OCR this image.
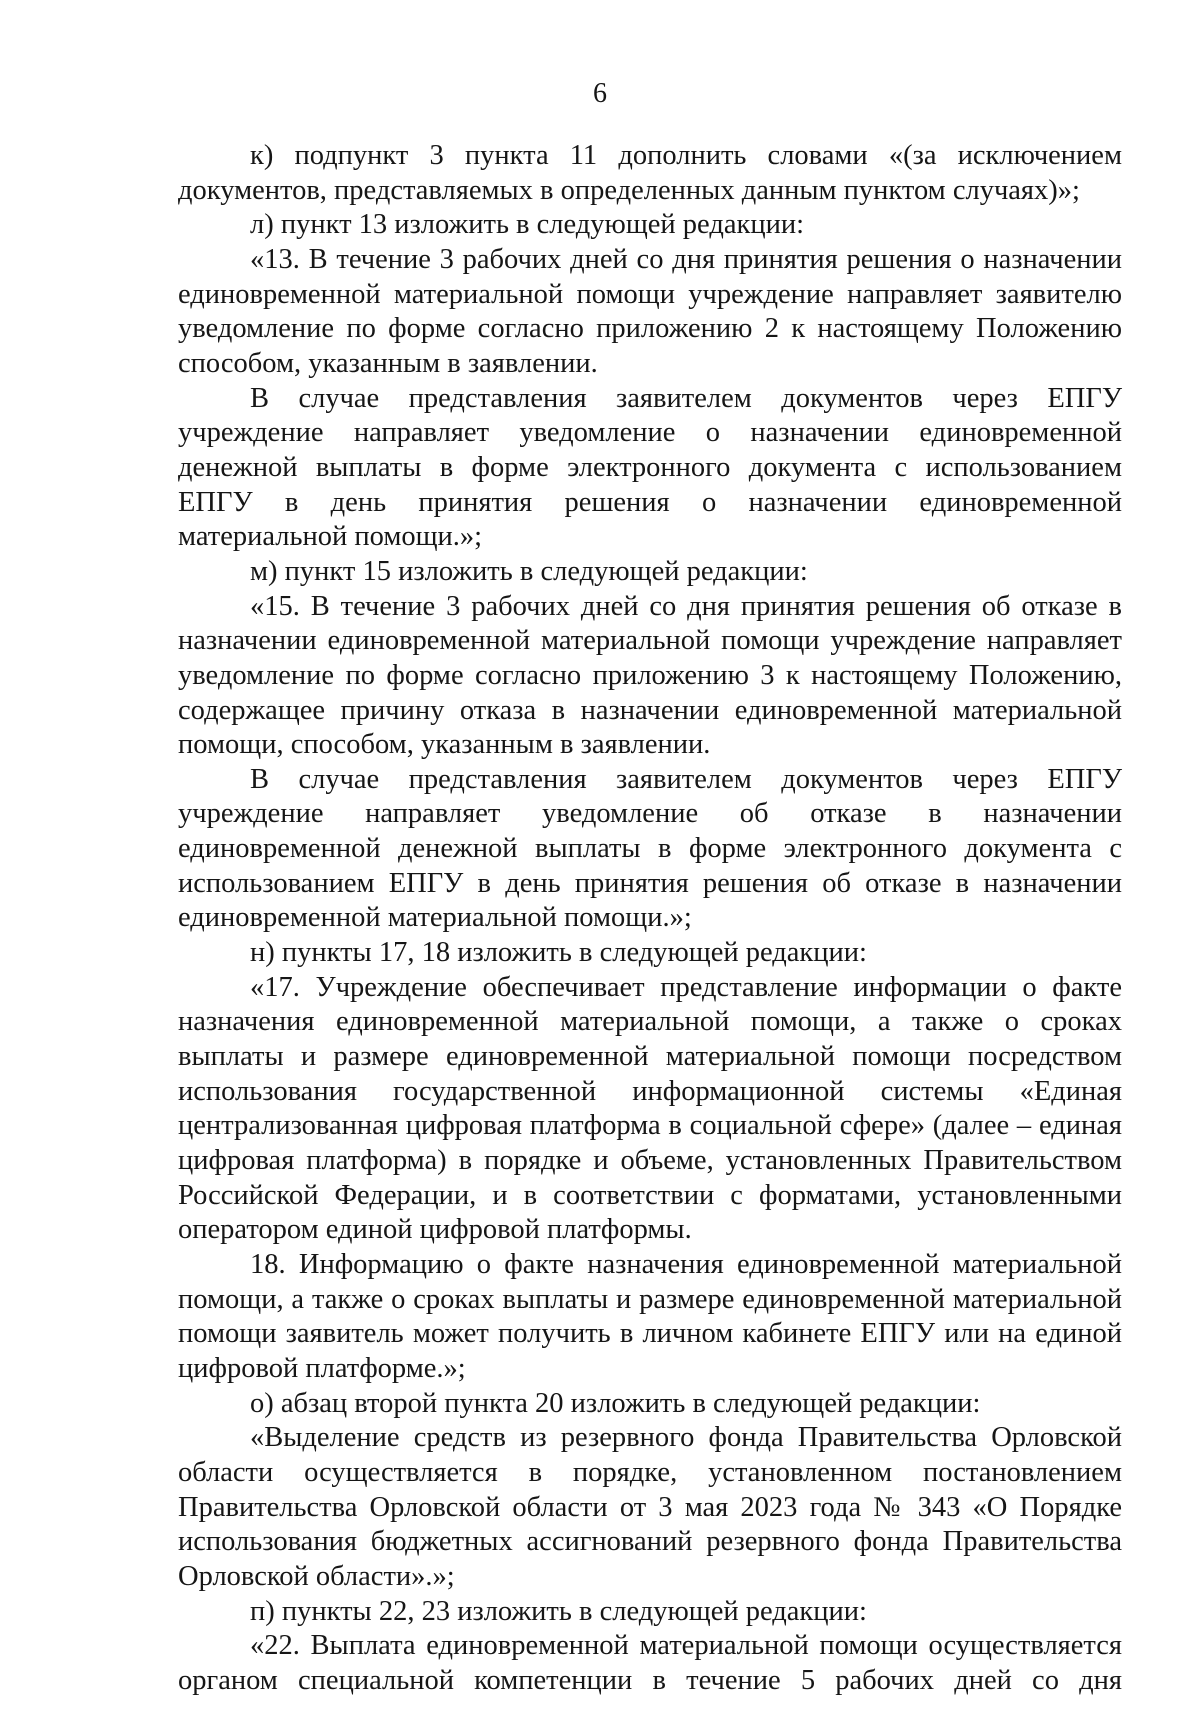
6

к) подпункт 3 пункта 11 дополнить словами «(за исключением документов, представляемых в определенных данным пунктом случаях)»;

л) пункт 13 изложить в следующей редакции:

«13. В течение 3 рабочих дней со дня принятия решения о назначении единовременной материальной помощи учреждение направляет заявителю уведомление по форме согласно приложению 2 к настоящему Положению способом, указанным в заявлении.

В случае представления заявителем документов через ЕПГУ учреждение направляет уведомление о назначении единовременной денежной выплаты в форме электронного документа с использованием ЕПГУ в день принятия решения о назначении единовременной материальной помощи.»;

м) пункт 15 изложить в следующей редакции:

«15. В течение 3 рабочих дней со дня принятия решения об отказе в назначении единовременной материальной помощи учреждение направляет уведомление по форме согласно приложению 3 к настоящему Положению, содержащее причину отказа в назначении единовременной материальной помощи, способом, указанным в заявлении.

В случае представления заявителем документов через ЕПГУ учреждение направляет уведомление об отказе в назначении единовременной денежной выплаты в форме электронного документа с использованием ЕПГУ в день принятия решения об отказе в назначении единовременной материальной помощи.»;

н) пункты 17, 18 изложить в следующей редакции:

«17. Учреждение обеспечивает представление информации о факте назначения единовременной материальной помощи, а также о сроках выплаты и размере единовременной материальной помощи посредством использования государственной информационной системы «Единая централизованная цифровая платформа в социальной сфере» (далее – единая цифровая платформа) в порядке и объеме, установленных Правительством Российской Федерации, и в соответствии с форматами, установленными оператором единой цифровой платформы.

18. Информацию о факте назначения единовременной материальной помощи, а также о сроках выплаты и размере единовременной материальной помощи заявитель может получить в личном кабинете ЕПГУ или на единой цифровой платформе.»;

о) абзац второй пункта 20 изложить в следующей редакции:

«Выделение средств из резервного фонда Правительства Орловской области осуществляется в порядке, установленном постановлением Правительства Орловской области от 3 мая 2023 года № 343 «О Порядке использования бюджетных ассигнований резервного фонда Правительства Орловской области».»;

п) пункты 22, 23 изложить в следующей редакции:

«22. Выплата единовременной материальной помощи осуществляется органом специальной компетенции в течение 5 рабочих дней со дня
